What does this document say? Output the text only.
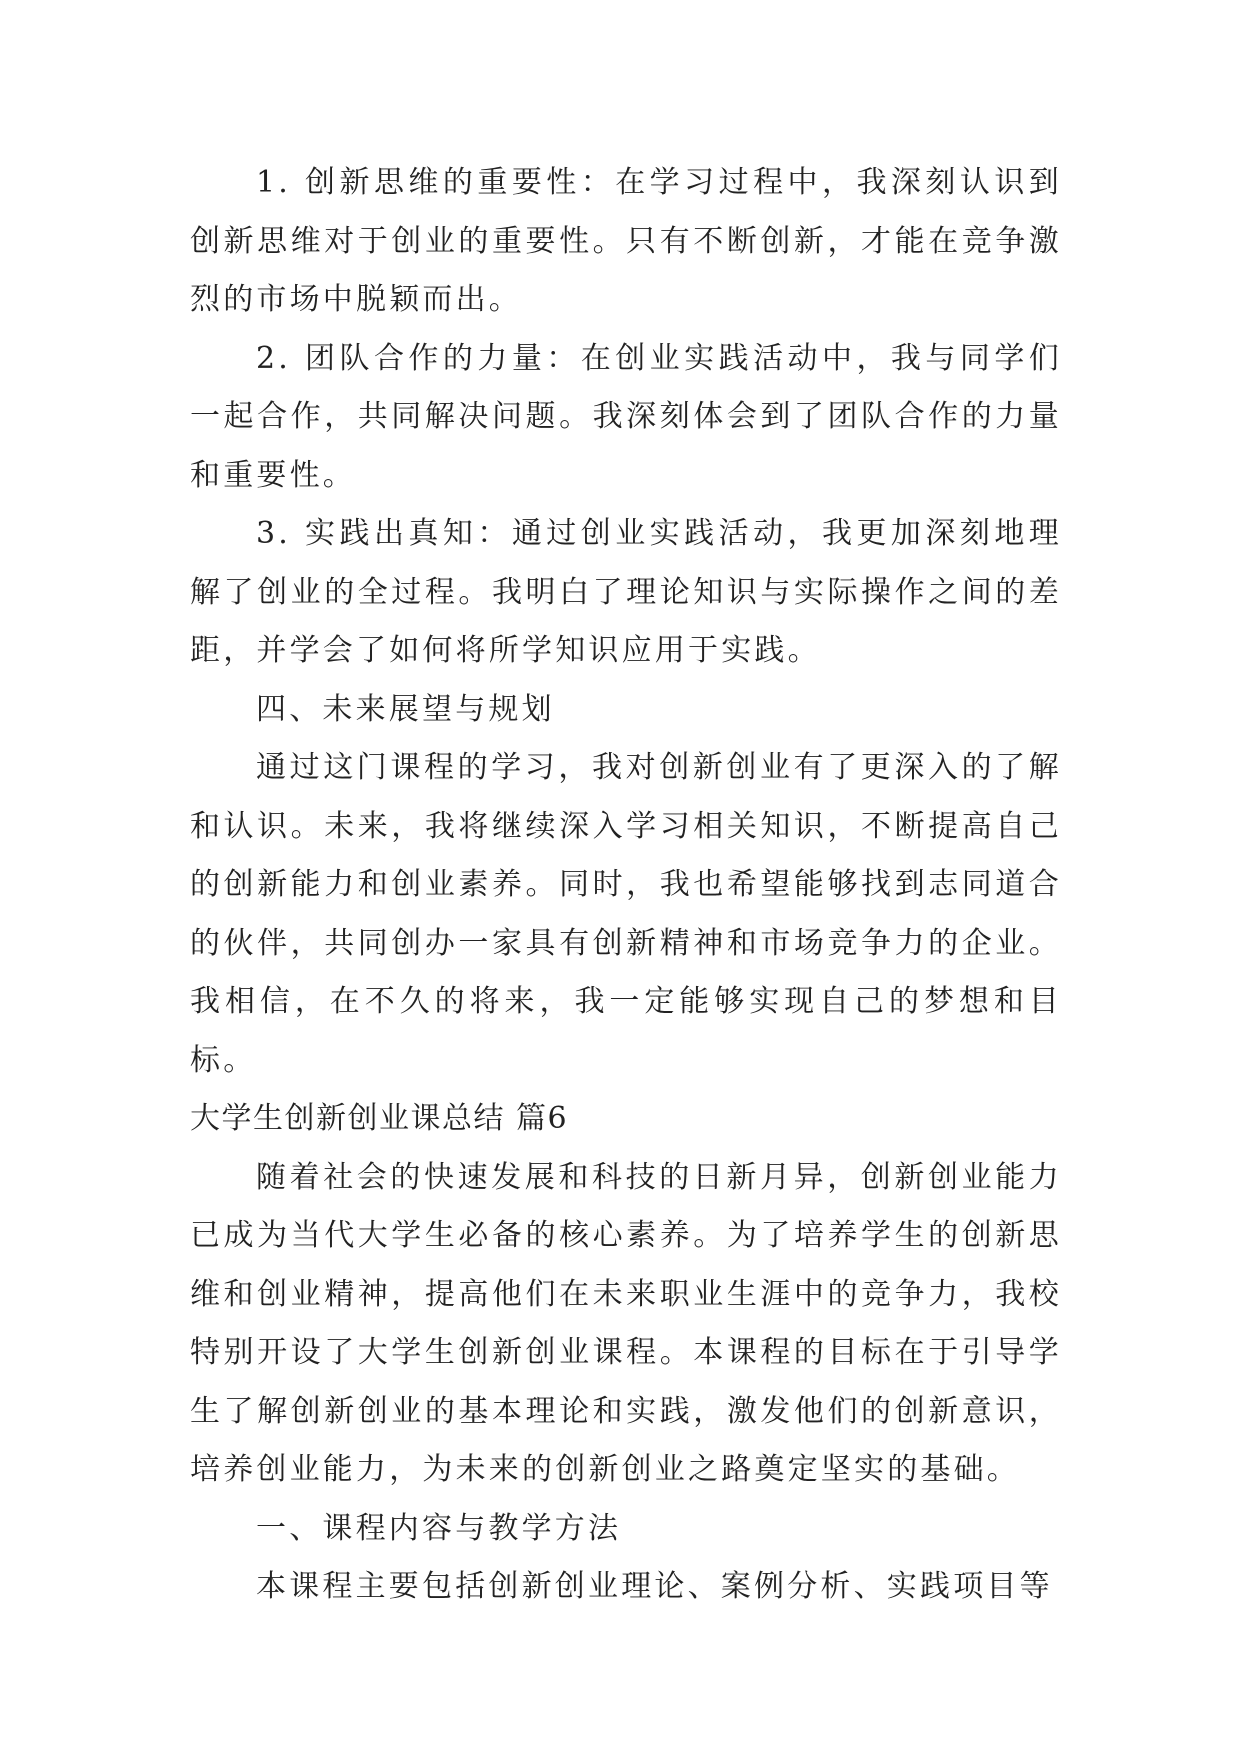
1. 创新思维的重要性：在学习过程中，我深刻认识到创新思维对于创业的重要性。只有不断创新，才能在竞争激烈的市场中脱颖而出。

2. 团队合作的力量：在创业实践活动中，我与同学们一起合作，共同解决问题。我深刻体会到了团队合作的力量和重要性。

3. 实践出真知：通过创业实践活动，我更加深刻地理解了创业的全过程。我明白了理论知识与实际操作之间的差距，并学会了如何将所学知识应用于实践。

四、未来展望与规划

通过这门课程的学习，我对创新创业有了更深入的了解和认识。未来，我将继续深入学习相关知识，不断提高自己的创新能力和创业素养。同时，我也希望能够找到志同道合的伙伴，共同创办一家具有创新精神和市场竞争力的企业。我相信，在不久的将来，我一定能够实现自己的梦想和目标。

大学生创新创业课总结 篇6

随着社会的快速发展和科技的日新月异，创新创业能力已成为当代大学生必备的核心素养。为了培养学生的创新思维和创业精神，提高他们在未来职业生涯中的竞争力，我校特别开设了大学生创新创业课程。本课程的目标在于引导学生了解创新创业的基本理论和实践，激发他们的创新意识，培养创业能力，为未来的创新创业之路奠定坚实的基础。

一、课程内容与教学方法

本课程主要包括创新创业理论、案例分析、实践项目等
